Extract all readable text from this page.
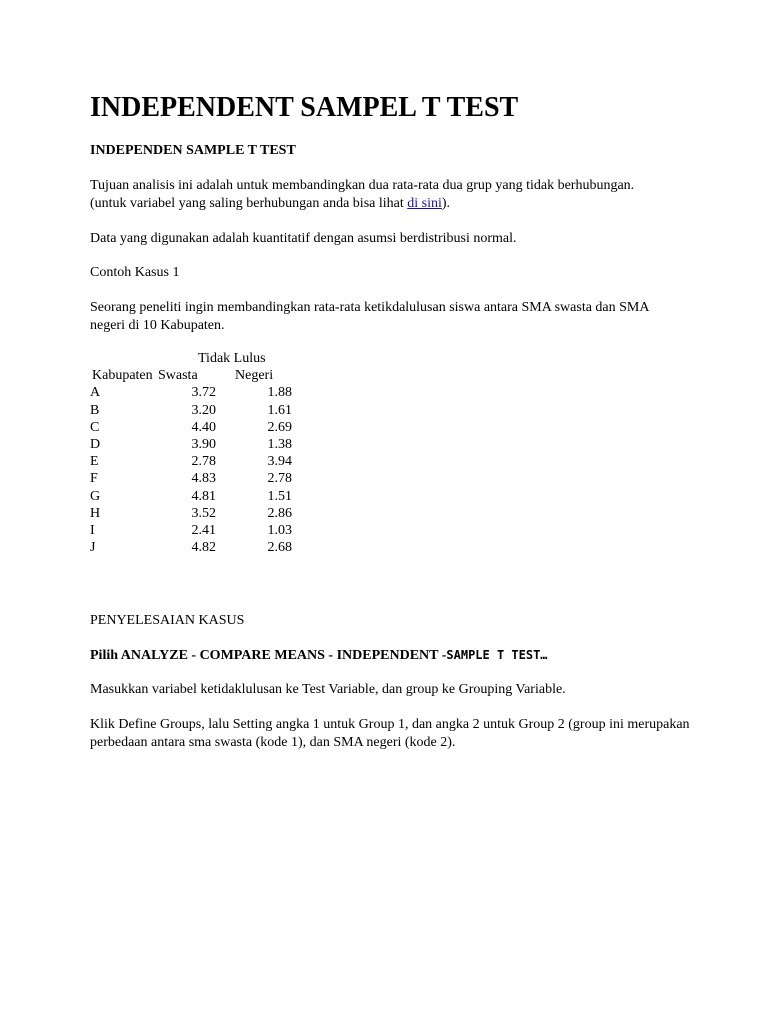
INDEPENDENT SAMPEL T TEST
INDEPENDEN SAMPLE T TEST

Tujuan analisis ini adalah untuk membandingkan dua rata-rata dua grup yang tidak berhubungan.
(untuk variabel yang saling berhubungan anda bisa lihat di sini).

Data yang digunakan adalah kuantitatif dengan asumsi berdistribusi normal.

Contoh Kasus 1

Seorang peneliti ingin membandingkan rata-rata ketikdalulusan siswa antara SMA swasta dan SMA negeri di 10 Kabupaten.

Tidak Lulus
Kabupaten Swasta	Negeri
A	3.72	1.88
B	3.20	1.61
C	4.40	2.69
D	3.90	1.38
E	2.78	3.94
F	4.83	2.78
G	4.81	1.51
H	3.52	2.86
I	2.41	1.03
J	4.82	2.68

PENYELESAIAN KASUS

Pilih ANALYZE - COMPARE MEANS - INDEPENDENT -SAMPLE T TEST…

Masukkan variabel ketidaklulusan ke Test Variable, dan group ke Grouping Variable.

Klik Define Groups, lalu Setting angka 1 untuk Group 1, dan angka 2 untuk Group 2 (group ini merupakan perbedaan antara sma swasta (kode 1), dan SMA negeri (kode 2).
